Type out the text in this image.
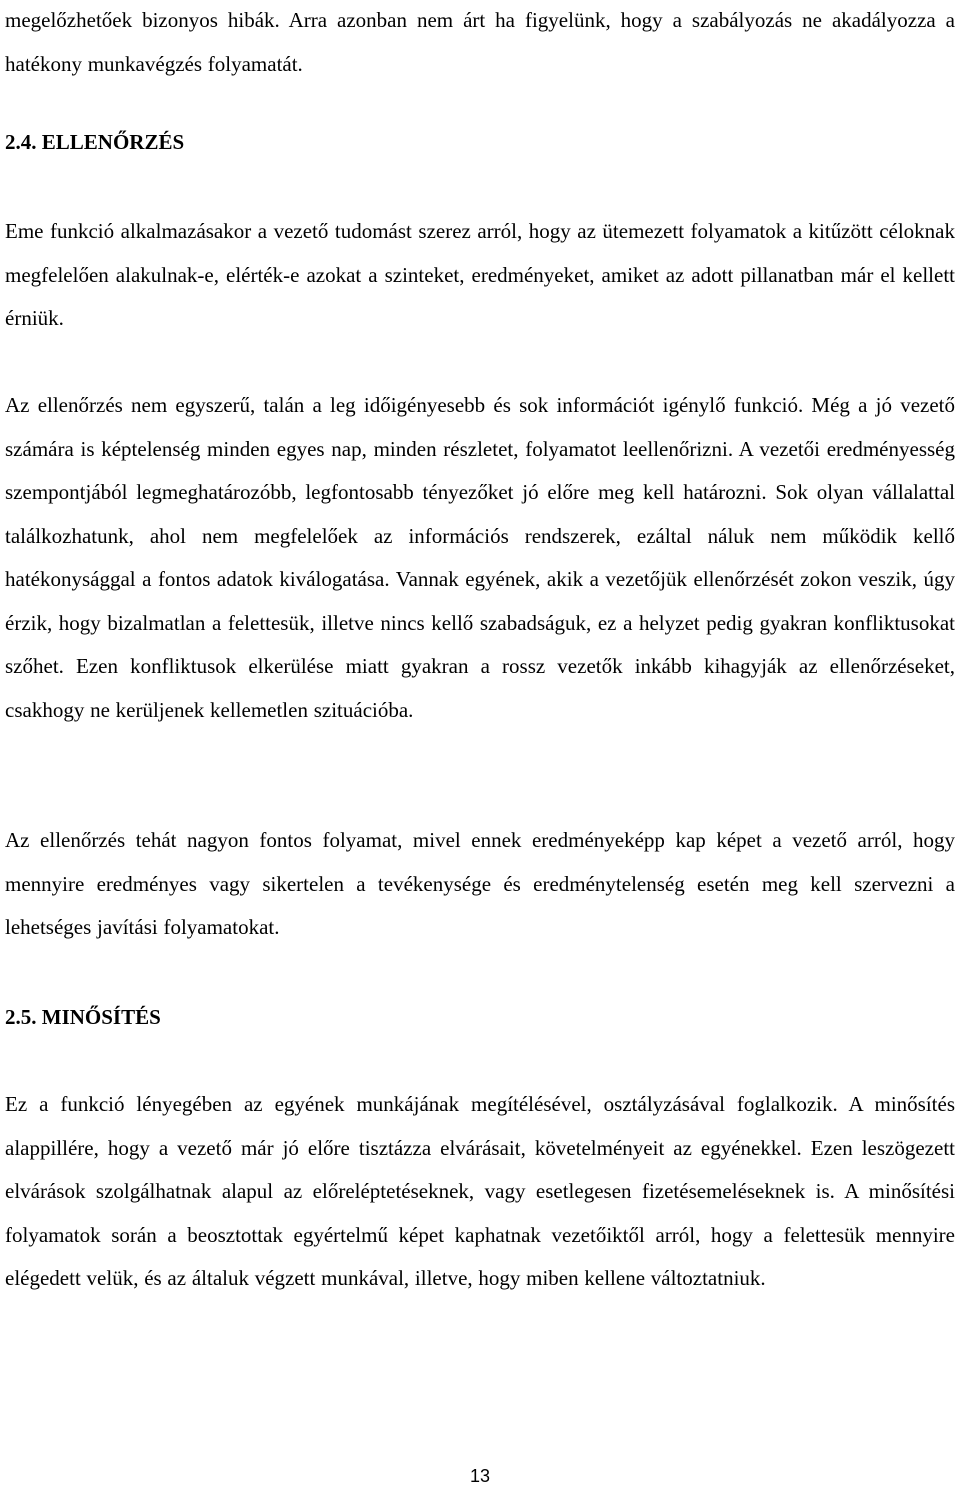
megelőzhetőek bizonyos hibák. Arra azonban nem árt ha figyelünk, hogy a szabályozás ne akadályozza a hatékony munkavégzés folyamatát.
2.4. ELLENŐRZÉS
Eme funkció alkalmazásakor a vezető tudomást szerez arról, hogy az ütemezett folyamatok a kitűzött céloknak megfelelően alakulnak-e, elérték-e azokat a szinteket, eredményeket, amiket az adott pillanatban már el kellett érniük.
Az ellenőrzés nem egyszerű, talán a leg időigényesebb és sok információt igénylő funkció. Még a jó vezető számára is képtelenség minden egyes nap, minden részletet, folyamatot leellenőrizni. A vezetői eredményesség szempontjából legmeghatározóbb, legfontosabb tényezőket jó előre meg kell határozni. Sok olyan vállalattal találkozhatunk, ahol nem megfelelőek az információs rendszerek, ezáltal náluk nem működik kellő hatékonysággal a fontos adatok kiválogatása. Vannak egyének, akik a vezetőjük ellenőrzését zokon veszik, úgy érzik, hogy bizalmatlan a felettesük, illetve nincs kellő szabadságuk, ez a helyzet pedig gyakran konfliktusokat szőhet. Ezen konfliktusok elkerülése miatt gyakran a rossz vezetők inkább kihagyják az ellenőrzéseket, csakhogy ne kerüljenek kellemetlen szituációba.
Az ellenőrzés tehát nagyon fontos folyamat, mivel ennek eredményeképp kap képet a vezető arról, hogy mennyire eredményes vagy sikertelen a tevékenysége és eredménytelenség esetén meg kell szervezni a lehetséges javítási folyamatokat.
2.5. MINŐSÍTÉS
Ez a funkció lényegében az egyének munkájának megítélésével, osztályzásával foglalkozik. A minősítés alappillére, hogy a vezető már jó előre tisztázza elvárásait, követelményeit az egyénekkel. Ezen leszögezett elvárások szolgálhatnak alapul az előreléptetéseknek, vagy esetlegesen fizetésemeléseknek is. A minősítési folyamatok során a beosztottak egyértelmű képet kaphatnak vezetőiktől arról, hogy a felettesük mennyire elégedett velük, és az általuk végzett munkával, illetve, hogy miben kellene változtatniuk.
13
